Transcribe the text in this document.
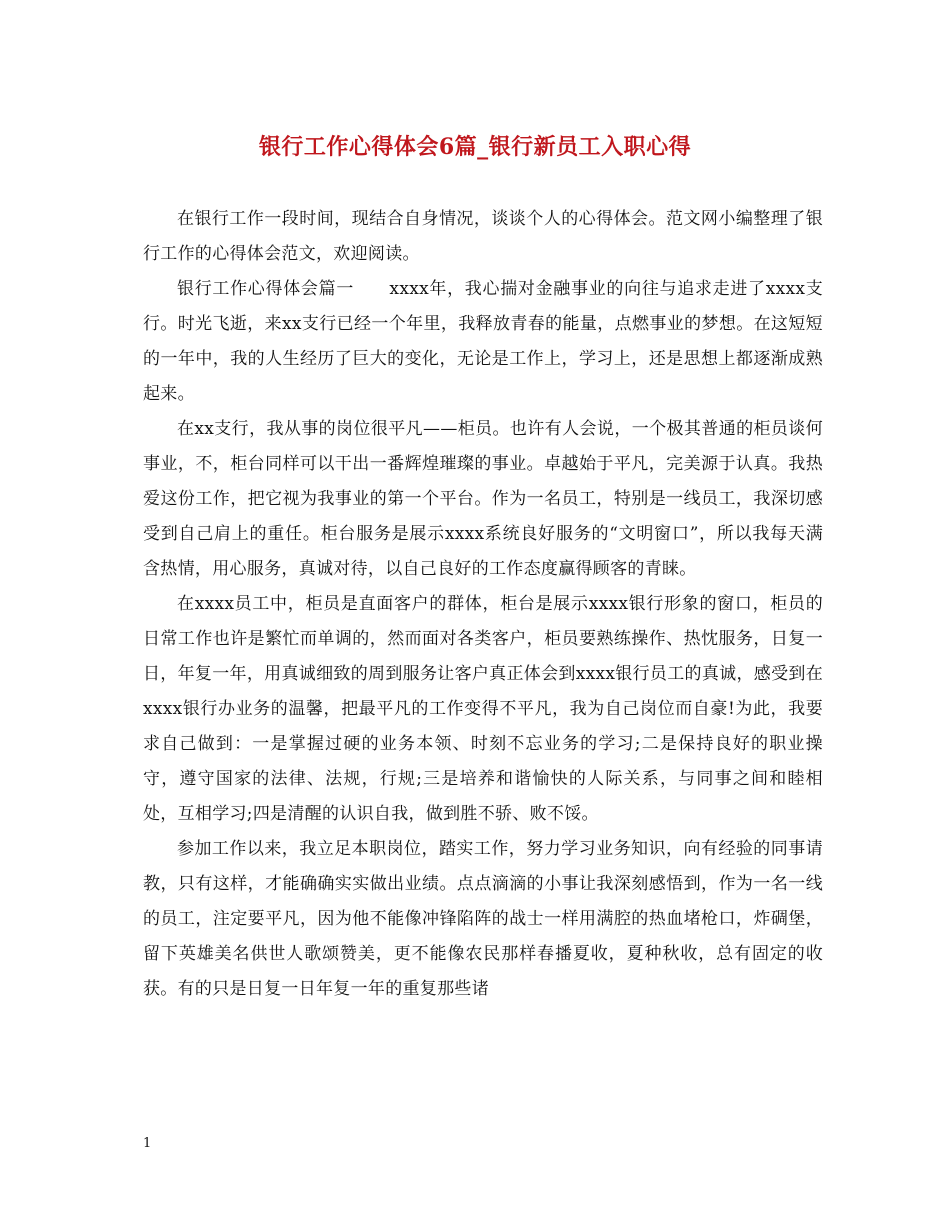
银行工作心得体会6篇_银行新员工入职心得

在银行工作一段时间，现结合自身情况，谈谈个人的心得体会。范文网小编整理了银行工作的心得体会范文，欢迎阅读。

银行工作心得体会篇一　　xxxx年，我心揣对金融事业的向往与追求走进了xxxx支行。时光飞逝，来xx支行已经一个年里，我释放青春的能量，点燃事业的梦想。在这短短的一年中，我的人生经历了巨大的变化，无论是工作上，学习上，还是思想上都逐渐成熟起来。

在xx支行，我从事的岗位很平凡——柜员。也许有人会说，一个极其普通的柜员谈何事业，不，柜台同样可以干出一番辉煌璀璨的事业。卓越始于平凡，完美源于认真。我热爱这份工作，把它视为我事业的第一个平台。作为一名员工，特别是一线员工，我深切感受到自己肩上的重任。柜台服务是展示xxxx系统良好服务的“文明窗口”，所以我每天满含热情，用心服务，真诚对待，以自己良好的工作态度赢得顾客的青睐。

在xxxx员工中，柜员是直面客户的群体，柜台是展示xxxx银行形象的窗口，柜员的日常工作也许是繁忙而单调的，然而面对各类客户，柜员要熟练操作、热忱服务，日复一日，年复一年，用真诚细致的周到服务让客户真正体会到xxxx银行员工的真诚，感受到在xxxx银行办业务的温馨，把最平凡的工作变得不平凡，我为自己岗位而自豪!为此，我要求自己做到：一是掌握过硬的业务本领、时刻不忘业务的学习;二是保持良好的职业操守，遵守国家的法律、法规，行规;三是培养和谐愉快的人际关系，与同事之间和睦相处，互相学习;四是清醒的认识自我，做到胜不骄、败不馁。

参加工作以来，我立足本职岗位，踏实工作，努力学习业务知识，向有经验的同事请教，只有这样，才能确确实实做出业绩。点点滴滴的小事让我深刻感悟到，作为一名一线的员工，注定要平凡，因为他不能像冲锋陷阵的战士一样用满腔的热血堵枪口，炸碉堡，留下英雄美名供世人歌颂赞美，更不能像农民那样春播夏收，夏种秋收，总有固定的收获。有的只是日复一日年复一年的重复那些诸

1
